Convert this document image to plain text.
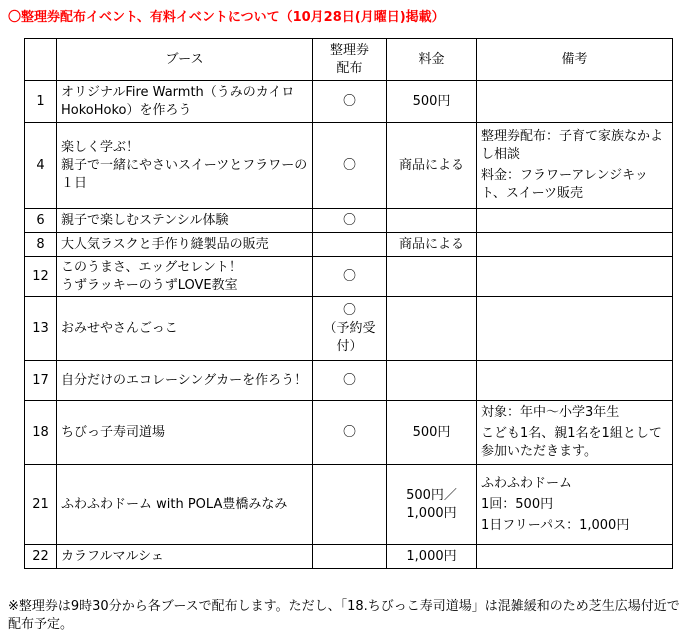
〇整理券配布イベント、有料イベントについて（10月28日(月曜日)掲載）
	ブース	整理券
配布	料金	備考
1	オリジナルFire Warmth（うみのカイロHokoHoko）を作ろう	〇	500円	
4	楽しく学ぶ！
親子で一緒にやさいスイーツとフラワーの１日	〇	商品による	整理券配布：子育て家族なかよし相談
料金：フラワーアレンジキット、スイーツ販売

6	親子で楽しむステンシル体験	〇		
8	大人気ラスクと手作り縫製品の販売		商品による	
12	このうまさ、エッグセレント！
うずラッキーのうずLOVE教室	〇		
13	おみせやさんごっこ	〇
（予約受
付）		
17	自分だけのエコレーシングカーを作ろう！	〇		
18	ちびっ子寿司道場	〇	500円	対象：年中～小学3年生
こども1名、親1名を1組として参加いただきます。

21	ふわふわドーム with POLA豊橋みなみ		500円／
1,000円	ふわふわドーム
1回：500円
1日フリーパス：1,000円

22	カラフルマルシェ		1,000円	
※整理券は9時30分から各ブースで配布します。ただし、「18.ちびっこ寿司道場」は混雑緩和のため芝生広場付近で配布予定。
